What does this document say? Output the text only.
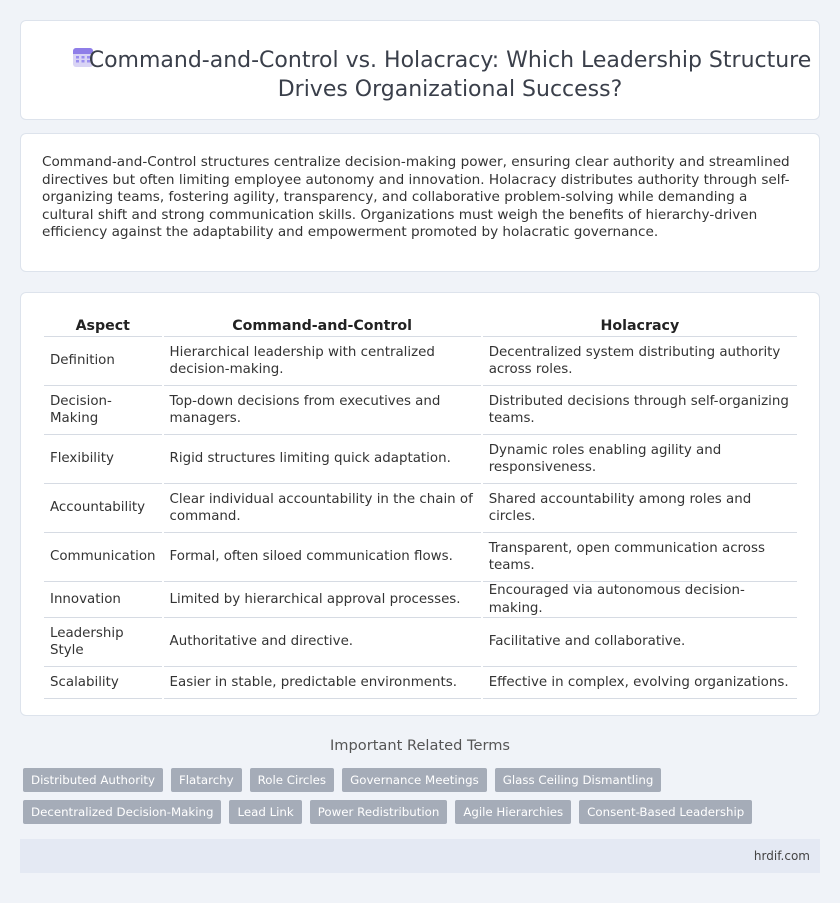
Command-and-Control vs. Holacracy: Which Leadership Structure Drives Organizational Success?

Command-and-Control structures centralize decision-making power, ensuring clear authority and streamlined directives but often limiting employee autonomy and innovation. Holacracy distributes authority through self-organizing teams, fostering agility, transparency, and collaborative problem-solving while demanding a cultural shift and strong communication skills. Organizations must weigh the benefits of hierarchy-driven efficiency against the adaptability and empowerment promoted by holacratic governance.

Aspect	Command-and-Control	Holacracy
Definition	Hierarchical leadership with centralized decision-making.	Decentralized system distributing authority across roles.
Decision-Making	Top-down decisions from executives and managers.	Distributed decisions through self-organizing teams.
Flexibility	Rigid structures limiting quick adaptation.	Dynamic roles enabling agility and responsiveness.
Accountability	Clear individual accountability in the chain of command.	Shared accountability among roles and circles.
Communication	Formal, often siloed communication flows.	Transparent, open communication across teams.
Innovation	Limited by hierarchical approval processes.	Encouraged via autonomous decision-making.
Leadership Style	Authoritative and directive.	Facilitative and collaborative.
Scalability	Easier in stable, predictable environments.	Effective in complex, evolving organizations.
Important Related Terms
Distributed Authority	Flatarchy	Role Circles	Governance Meetings	Glass Ceiling Dismantling
Decentralized Decision-Making	Lead Link	Power Redistribution	Agile Hierarchies	Consent-Based Leadership
hrdif.com
